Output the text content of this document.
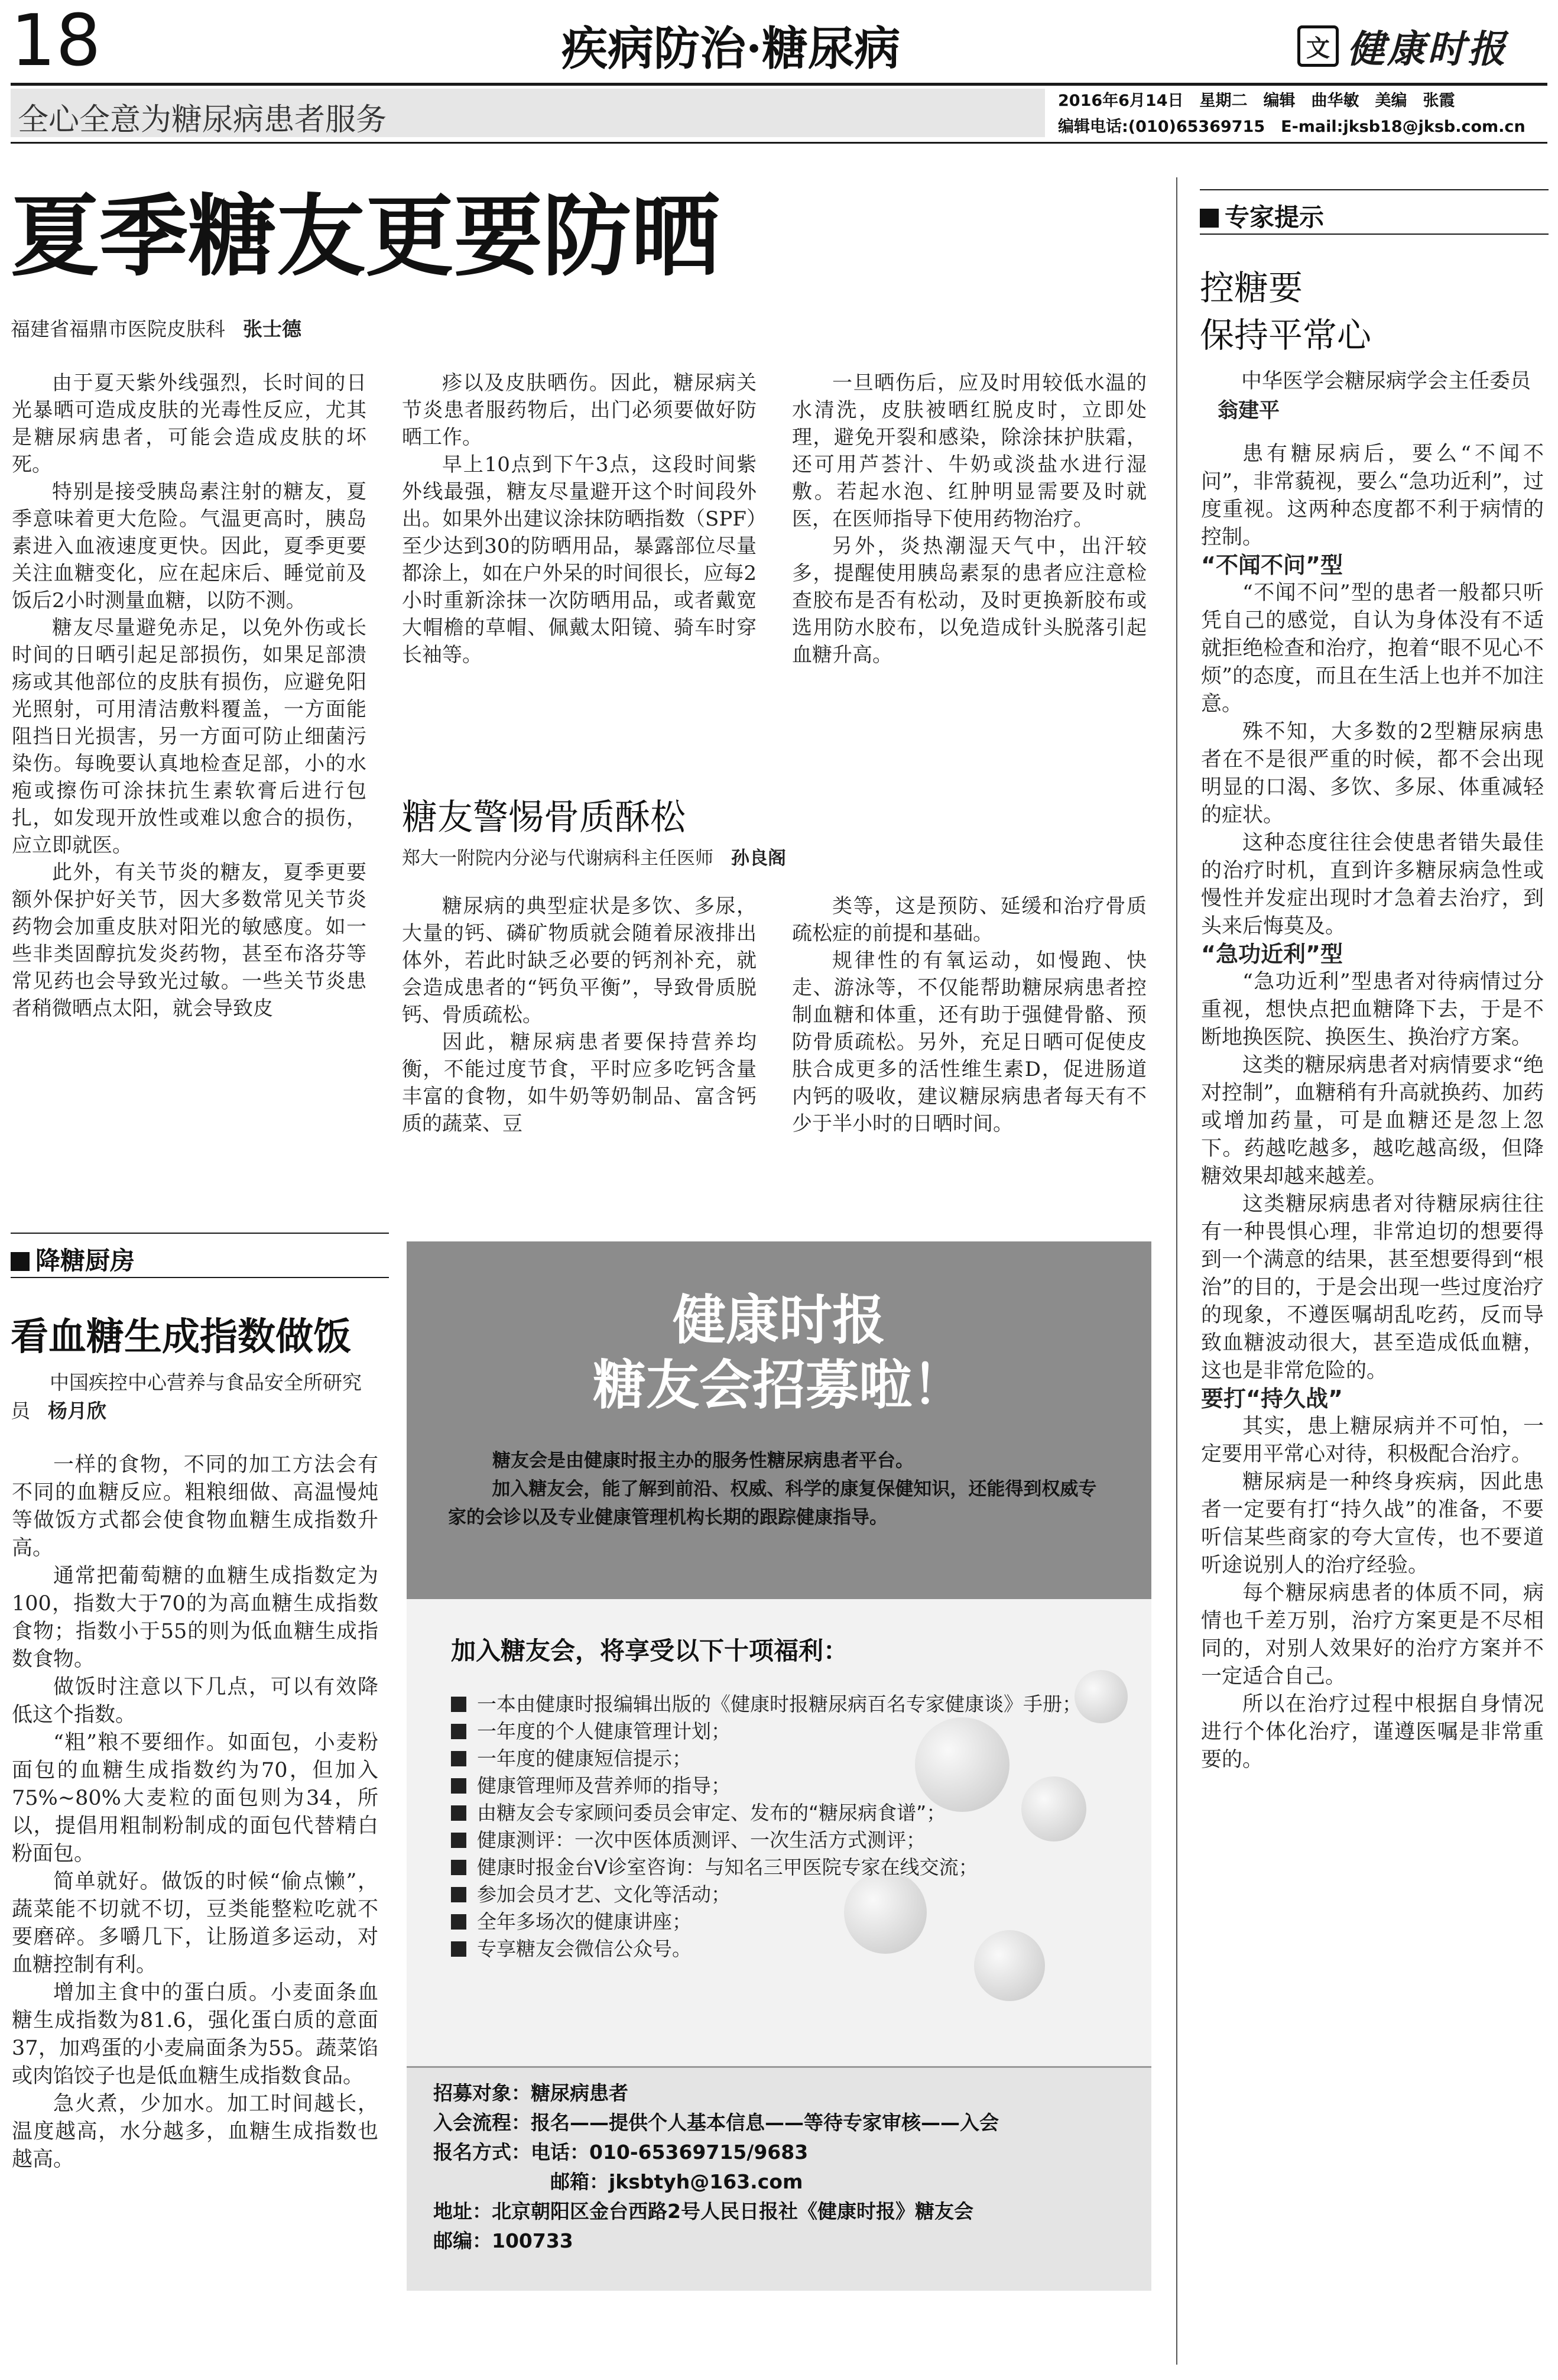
18	疾病防治·糖尿病	文 健康时报
全心全意为糖尿病患者服务
2016年6月14日　星期二　编辑　曲华敏　美编　张霞
编辑电话:(010)65369715　E-mail:jksb18@jksb.com.cn
夏季糖友更要防晒
福建省福鼎市医院皮肤科 张士德

由于夏天紫外线强烈，长时间的日光暴晒可造成皮肤的光毒性反应，尤其是糖尿病患者，可能会造成皮肤的坏死。

特别是接受胰岛素注射的糖友，夏季意味着更大危险。气温更高时，胰岛素进入血液速度更快。因此，夏季更要关注血糖变化，应在起床后、睡觉前及饭后2小时测量血糖，以防不测。

糖友尽量避免赤足，以免外伤或长时间的日晒引起足部损伤，如果足部溃疡或其他部位的皮肤有损伤，应避免阳光照射，可用清洁敷料覆盖，一方面能阻挡日光损害，另一方面可防止细菌污染伤。每晚要认真地检查足部，小的水疱或擦伤可涂抹抗生素软膏后进行包扎，如发现开放性或难以愈合的损伤，应立即就医。

此外，有关节炎的糖友，夏季更要额外保护好关节，因大多数常见关节炎药物会加重皮肤对阳光的敏感度。如一些非类固醇抗发炎药物，甚至布洛芬等常见药也会导致光过敏。一些关节炎患者稍微晒点太阳，就会导致皮

疹以及皮肤晒伤。因此，糖尿病关节炎患者服药物后，出门必须要做好防晒工作。

早上10点到下午3点，这段时间紫外线最强，糖友尽量避开这个时间段外出。如果外出建议涂抹防晒指数（SPF）至少达到30的防晒用品，暴露部位尽量都涂上，如在户外呆的时间很长，应每2小时重新涂抹一次防晒用品，或者戴宽大帽檐的草帽、佩戴太阳镜、骑车时穿长袖等。

一旦晒伤后，应及时用较低水温的水清洗，皮肤被晒红脱皮时，立即处理，避免开裂和感染，除涂抹护肤霜，还可用芦荟汁、牛奶或淡盐水进行湿敷。若起水泡、红肿明显需要及时就医，在医师指导下使用药物治疗。

另外，炎热潮湿天气中，出汗较多，提醒使用胰岛素泵的患者应注意检查胶布是否有松动，及时更换新胶布或选用防水胶布，以免造成针头脱落引起血糖升高。

糖友警惕骨质酥松
郑大一附院内分泌与代谢病科主任医师 孙良阁

糖尿病的典型症状是多饮、多尿，大量的钙、磷矿物质就会随着尿液排出体外，若此时缺乏必要的钙剂补充，就会造成患者的“钙负平衡”，导致骨质脱钙、骨质疏松。

因此，糖尿病患者要保持营养均衡，不能过度节食，平时应多吃钙含量丰富的食物，如牛奶等奶制品、富含钙质的蔬菜、豆

类等，这是预防、延缓和治疗骨质疏松症的前提和基础。

规律性的有氧运动，如慢跑、快走、游泳等，不仅能帮助糖尿病患者控制血糖和体重，还有助于强健骨骼、预防骨质疏松。另外，充足日晒可促使皮肤合成更多的活性维生素D，促进肠道内钙的吸收，建议糖尿病患者每天有不少于半小时的日晒时间。

降糖厨房
看血糖生成指数做饭
中国疾控中心营养与食品安全所研究员 杨月欣

一样的食物，不同的加工方法会有不同的血糖反应。粗粮细做、高温慢炖等做饭方式都会使食物血糖生成指数升高。

通常把葡萄糖的血糖生成指数定为100，指数大于70的为高血糖生成指数食物；指数小于55的则为低血糖生成指数食物。

做饭时注意以下几点，可以有效降低这个指数。

“粗”粮不要细作。如面包，小麦粉面包的血糖生成指数约为70，但加入75%~80%大麦粒的面包则为34，所以，提倡用粗制粉制成的面包代替精白粉面包。

简单就好。做饭的时候“偷点懒”，蔬菜能不切就不切，豆类能整粒吃就不要磨碎。多嚼几下，让肠道多运动，对血糖控制有利。

增加主食中的蛋白质。小麦面条血糖生成指数为81.6，强化蛋白质的意面37，加鸡蛋的小麦扁面条为55。蔬菜馅或肉馅饺子也是低血糖生成指数食品。

急火煮，少加水。加工时间越长，温度越高，水分越多，血糖生成指数也越高。

健康时报
糖友会招募啦！
糖友会是由健康时报主办的服务性糖尿病患者平台。
加入糖友会，能了解到前沿、权威、科学的康复保健知识，还能得到权威专家的会诊以及专业健康管理机构长期的跟踪健康指导。
加入糖友会，将享受以下十项福利：
一本由健康时报编辑出版的《健康时报糖尿病百名专家健康谈》手册；
一年度的个人健康管理计划；
一年度的健康短信提示；
健康管理师及营养师的指导；
由糖友会专家顾问委员会审定、发布的“糖尿病食谱”；
健康测评：一次中医体质测评、一次生活方式测评；
健康时报金台V诊室咨询：与知名三甲医院专家在线交流；
参加会员才艺、文化等活动；
全年多场次的健康讲座；
专享糖友会微信公众号。
招募对象：糖尿病患者
入会流程：报名——提供个人基本信息——等待专家审核——入会
报名方式：电话：010-65369715/9683
邮箱：jksbtyh@163.com
地址：北京朝阳区金台西路2号人民日报社《健康时报》糖友会
邮编：100733
专家提示
控糖要
保持平常心
中华医学会糖尿病学会主任委员翁建平

患有糖尿病后，要么“不闻不问”，非常藐视，要么“急功近利”，过度重视。这两种态度都不利于病情的控制。

“不闻不问”型

“不闻不问”型的患者一般都只听凭自己的感觉，自认为身体没有不适就拒绝检查和治疗，抱着“眼不见心不烦”的态度，而且在生活上也并不加注意。

殊不知，大多数的2型糖尿病患者在不是很严重的时候，都不会出现明显的口渴、多饮、多尿、体重减轻的症状。

这种态度往往会使患者错失最佳的治疗时机，直到许多糖尿病急性或慢性并发症出现时才急着去治疗，到头来后悔莫及。

“急功近利”型

“急功近利”型患者对待病情过分重视，想快点把血糖降下去，于是不断地换医院、换医生、换治疗方案。

这类的糖尿病患者对病情要求“绝对控制”，血糖稍有升高就换药、加药或增加药量，可是血糖还是忽上忽下。药越吃越多，越吃越高级，但降糖效果却越来越差。

这类糖尿病患者对待糖尿病往往有一种畏惧心理，非常迫切的想要得到一个满意的结果，甚至想要得到“根治”的目的，于是会出现一些过度治疗的现象，不遵医嘱胡乱吃药，反而导致血糖波动很大，甚至造成低血糖，这也是非常危险的。

要打“持久战”

其实，患上糖尿病并不可怕，一定要用平常心对待，积极配合治疗。

糖尿病是一种终身疾病，因此患者一定要有打“持久战”的准备，不要听信某些商家的夸大宣传，也不要道听途说别人的治疗经验。

每个糖尿病患者的体质不同，病情也千差万别，治疗方案更是不尽相同的，对别人效果好的治疗方案并不一定适合自己。

所以在治疗过程中根据自身情况进行个体化治疗，谨遵医嘱是非常重要的。
